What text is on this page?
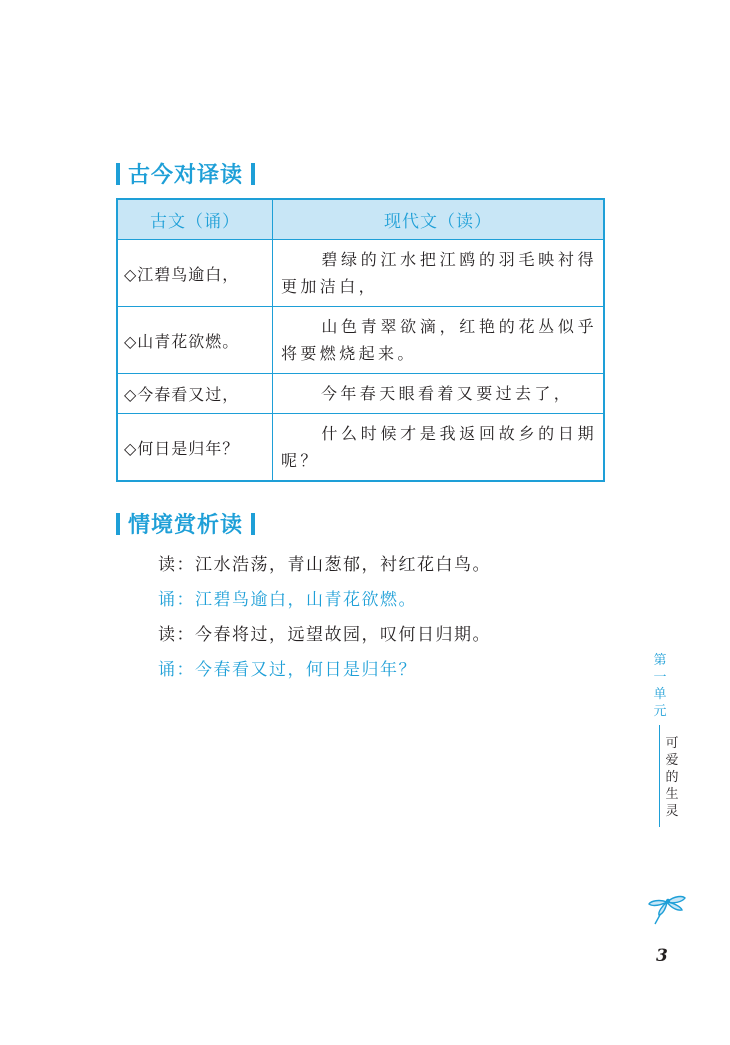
古今对译读
古文（诵）	现代文（读）
◇江碧鸟逾白，	碧绿的江水把江鸥的羽毛映衬得更加洁白，
◇山青花欲燃。	山色青翠欲滴，红艳的花丛似乎将要燃烧起来。
◇今春看又过，	今年春天眼看着又要过去了，
◇何日是归年？	什么时候才是我返回故乡的日期呢？
情境赏析读
读：江水浩荡，青山葱郁，衬红花白鸟。
诵：江碧鸟逾白，山青花欲燃。
读：今春将过，远望故园，叹何日归期。
诵：今春看又过，何日是归年？	第一单元
可爱的生灵
3
